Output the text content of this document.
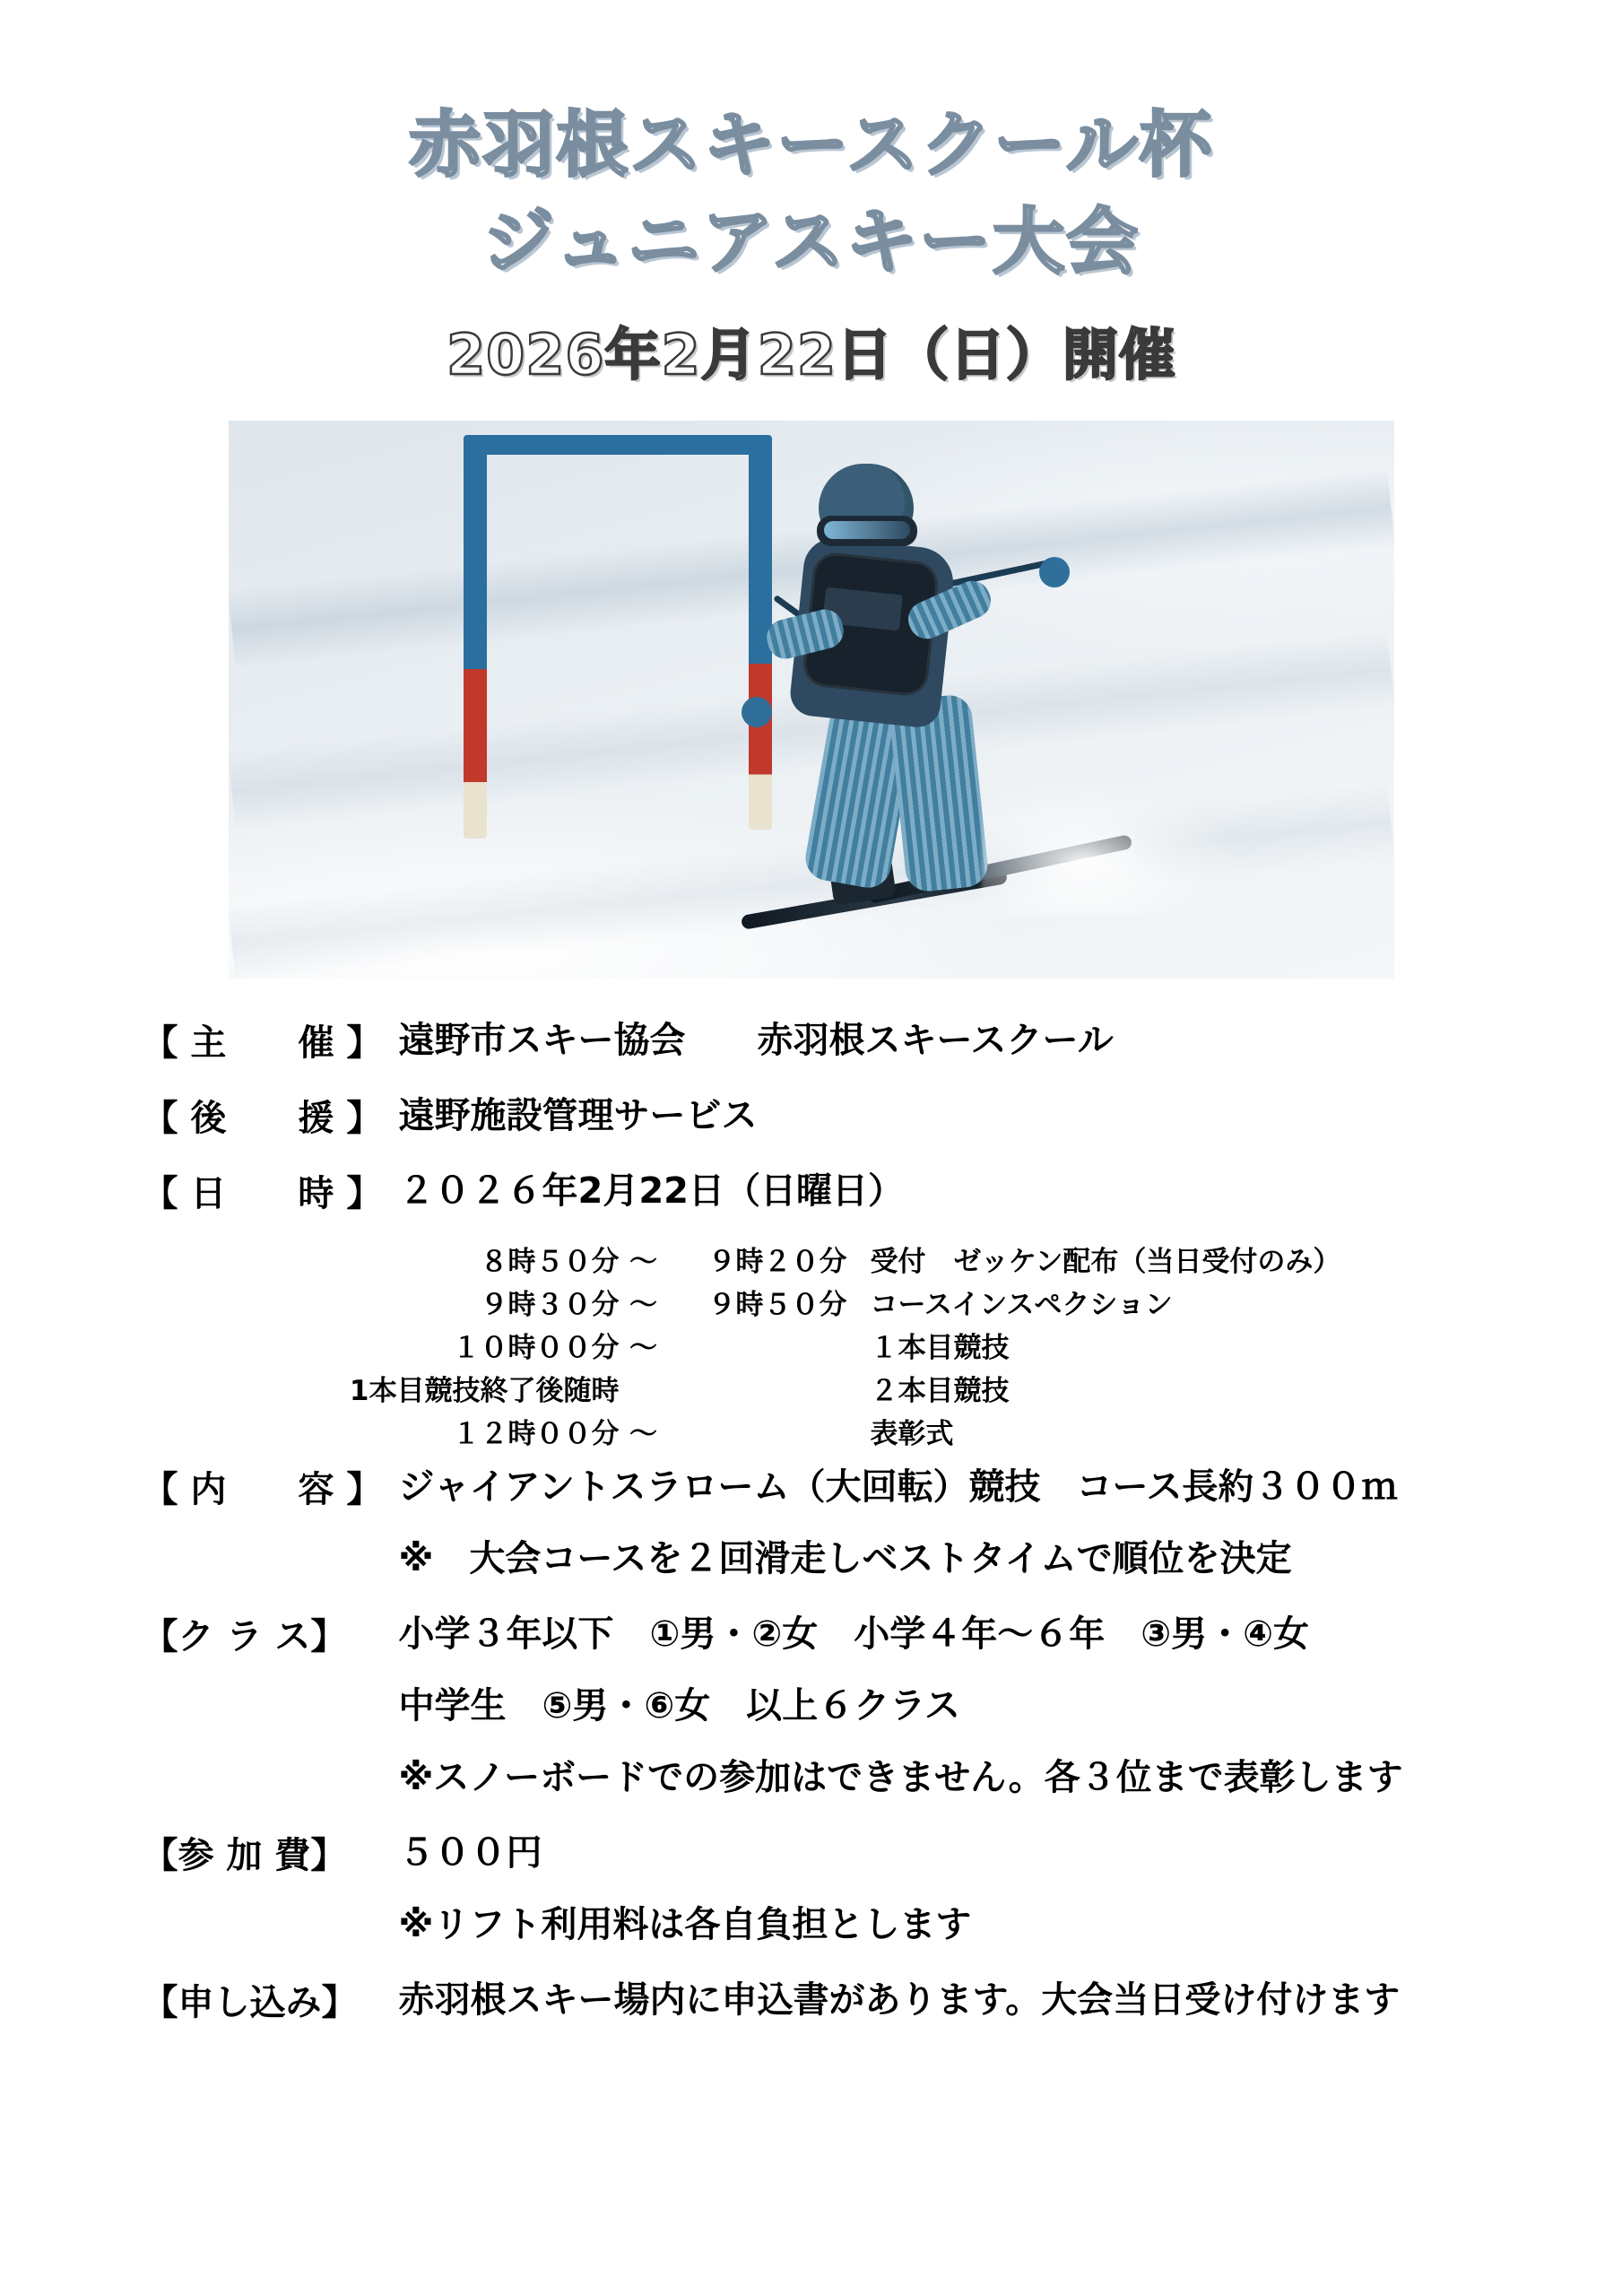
赤羽根スキースクール杯
ジュニアスキー大会
2026年2月22日（日）開催
【 主　　催 】 遠野市スキー協会　　赤羽根スキースクール
【 後　　援 】 遠野施設管理サービス
【 日　　時 】 ２０２６年2月22日（日曜日）
８時５０分 〜	９時２０分 受付　ゼッケン配布（当日受付のみ）
９時３０分 〜	９時５０分 コースインスペクション
１０時００分 〜	１本目競技
1本目競技終了後随時	２本目競技
１２時００分 〜	表彰式
【 内　　容 】 ジャイアントスラローム（大回転）競技　コース長約３００ｍ
※　大会コースを２回滑走しベストタイムで順位を決定
【ク ラ ス】	小学３年以下　①男・②女　小学４年〜６年　③男・④女
中学生　⑤男・⑥女　以上６クラス
※スノーボードでの参加はできません。各３位まで表彰します
【参 加 費】	５００円
※リフト利用料は各自負担とします
【申し込み】	赤羽根スキー場内に申込書があります。大会当日受け付けます
